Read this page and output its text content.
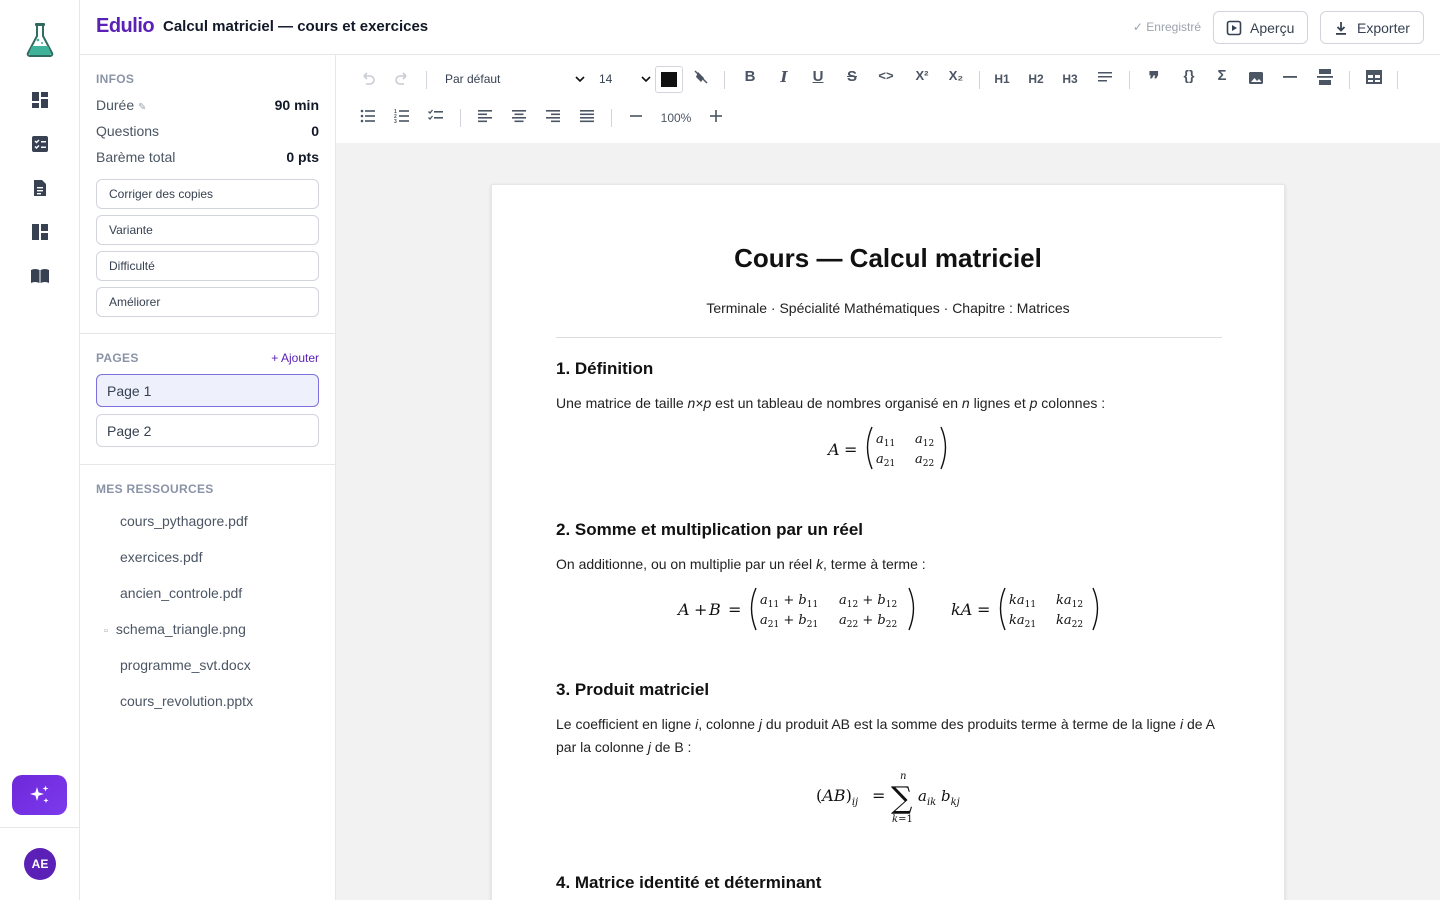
AE
Edulio Calcul matriciel — cours et exercices	✓ Enregistré	Aperçu	Exporter
INFOS
Durée ✎	90 min
Questions	0
Barème total	0 pts
Corriger des copies
Variante
Difficulté
Améliorer
PAGES	+ Ajouter
Page 1
Page 2
MES RESSOURCES
cours_pythagore.pdf
exercices.pdf
ancien_controle.pdf
▫ schema_triangle.png
programme_svt.docx
cours_revolution.pptx
Par défaut	14	B I U S <> X² X₂	H1 H2 H3	❞ {} Σ
1
2
3	100%
Cours — Calcul matriciel
Terminale · Spécialité Mathématiques · Chapitre : Matrices
1. Définition
Une matrice de taille n×p est un tableau de nombres organisé en n lignes et p colonnes :
A =
$a_{11}$ $a_{12}$
$a_{21}$ $a_{22}$
2. Somme et multiplication par un réel
On additionne, ou on multiplie par un réel k, terme à terme :
$A + B = a_{11} + b_{11}$ $a_{12} + b_{12}$
$a_{21} + b_{21}$ $a_{22} + b_{22}$
kA = $ka_{11}$ $ka_{12}$
$ka_{21}$ $ka_{22}$
3. Produit matriciel
Le coefficient en ligne i, colonne j du produit AB est la somme des produits terme à terme de la ligne i de A par la colonne j de B :
$(AB)_{ij}$ =
n
∑
k=1
$a_{ik}$ $b_{kj}$
4. Matrice identité et déterminant
